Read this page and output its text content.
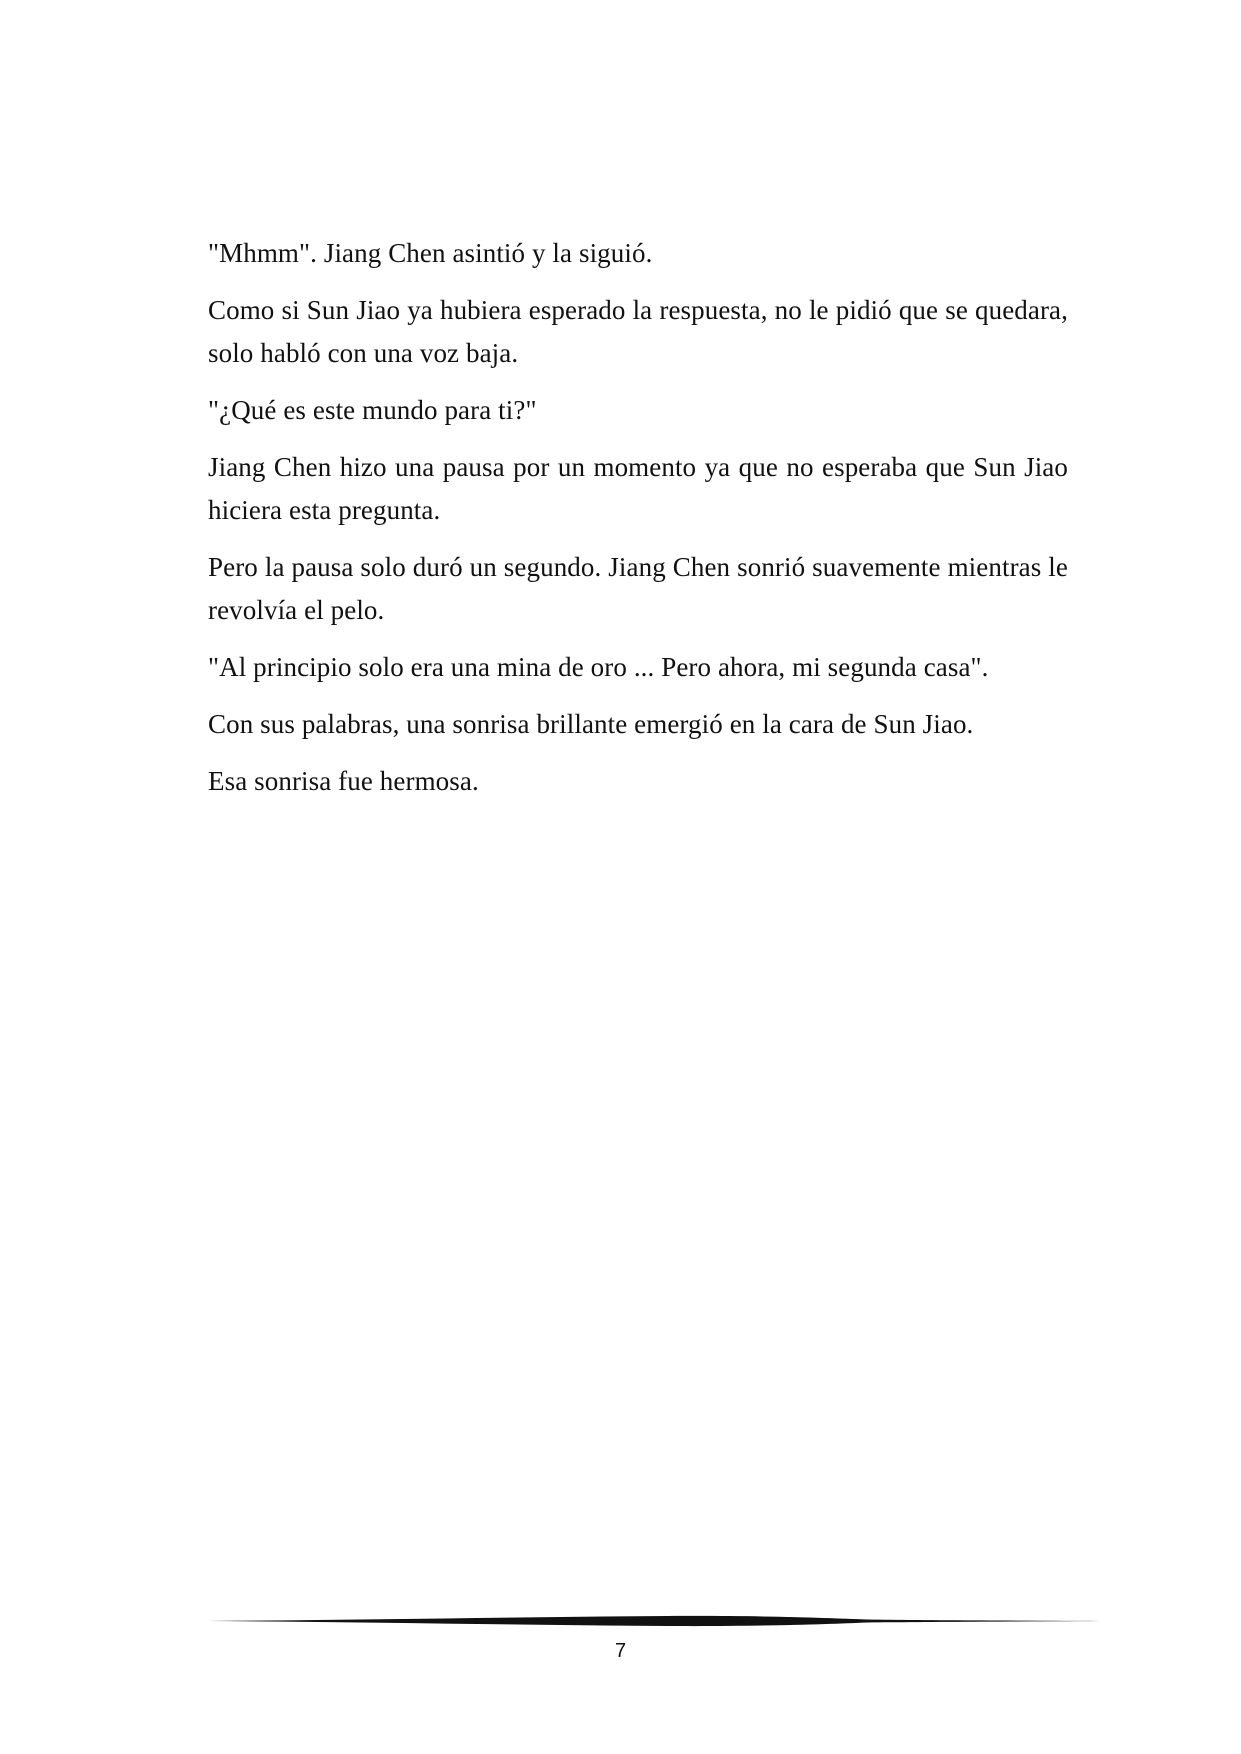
"Mhmm". Jiang Chen asintió y la siguió.

Como si Sun Jiao ya hubiera esperado la respuesta, no le pidió que se quedara, solo habló con una voz baja.

"¿Qué es este mundo para ti?"

Jiang Chen hizo una pausa por un momento ya que no esperaba que Sun Jiao hiciera esta pregunta.

Pero la pausa solo duró un segundo. Jiang Chen sonrió suavemente mientras le revolvía el pelo.

"Al principio solo era una mina de oro ... Pero ahora, mi segunda casa".

Con sus palabras, una sonrisa brillante emergió en la cara de Sun Jiao.

Esa sonrisa fue hermosa.

7
